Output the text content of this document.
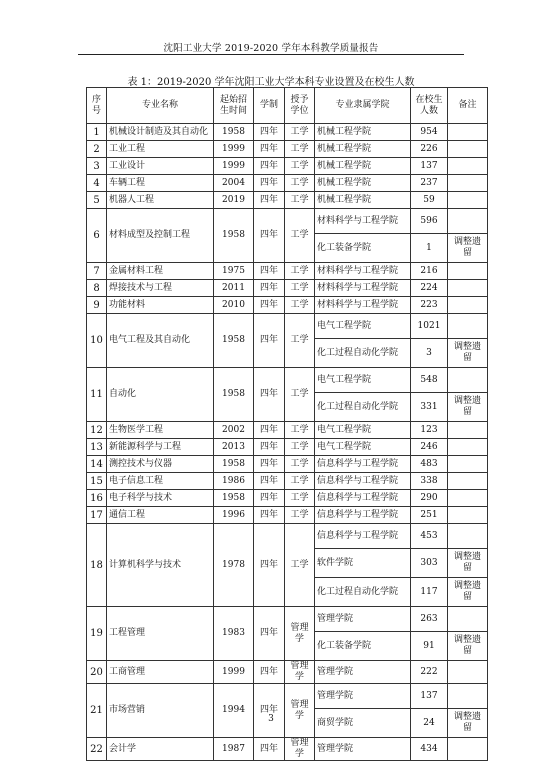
沈阳工业大学 2019-2020 学年本科教学质量报告
表 1：2019-2020 学年沈阳工业大学本科专业设置及在校生人数
序号	专业名称	起始招生时间	学制	授予学位	专业隶属学院	在校生人数	备注
1	机械设计制造及其自动化	1958	四年	工学	机械工程学院	954	
2	工业工程	1999	四年	工学	机械工程学院	226	
3	工业设计	1999	四年	工学	机械工程学院	137	
4	车辆工程	2004	四年	工学	机械工程学院	237	
5	机器人工程	2019	四年	工学	机械工程学院	59	
6	材料成型及控制工程	1958	四年	工学	材料科学与工程学院	596	
					化工装备学院	1	调整遗留
7	金属材料工程	1975	四年	工学	材料科学与工程学院	216	
8	焊接技术与工程	2011	四年	工学	材料科学与工程学院	224	
9	功能材料	2010	四年	工学	材料科学与工程学院	223	
10	电气工程及其自动化	1958	四年	工学	电气工程学院	1021	
					化工过程自动化学院	3	调整遗留
11	自动化	1958	四年	工学	电气工程学院	548	
					化工过程自动化学院	331	调整遗留
12	生物医学工程	2002	四年	工学	电气工程学院	123	
13	新能源科学与工程	2013	四年	工学	电气工程学院	246	
14	测控技术与仪器	1958	四年	工学	信息科学与工程学院	483	
15	电子信息工程	1986	四年	工学	信息科学与工程学院	338	
16	电子科学与技术	1958	四年	工学	信息科学与工程学院	290	
17	通信工程	1996	四年	工学	信息科学与工程学院	251	
18	计算机科学与技术	1978	四年	工学	信息科学与工程学院	453	
					软件学院	303	调整遗留
					化工过程自动化学院	117	调整遗留
19	工程管理	1983	四年	管理学	管理学院	263	
					化工装备学院	91	调整遗留
20	工商管理	1999	四年	管理学	管理学院	222	
21	市场营销	1994	四年	管理学	管理学院	137	
					商贸学院	24	调整遗留
22	会计学	1987	四年	管理学	管理学院	434	
3
